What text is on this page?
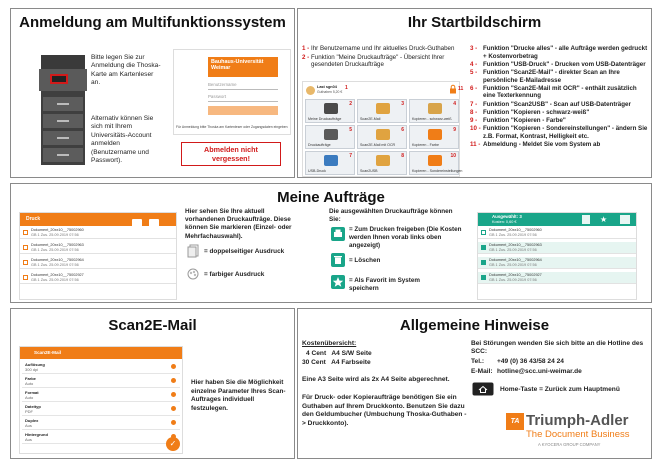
Anmeldung am Multifunktionssystem
Bitte legen Sie zur Anmeldung die Thoska-Karte am Kartenleser an.
Alternativ können Sie sich mit Ihrem Universitäts-Account anmelden (Benutzername und Passwort).
Bauhaus-Universität Weimar
Benutzername
Passwort
Für Anmeldung bitte Thoska am Kartenleser oder Zugangsdaten eingeben
Abmelden nicht vergessen!
Ihr Startbildschirm
1 - Ihr Benutzername und Ihr aktuelles Druck-Guthaben
2 - Funktion "Meine Druckaufträge" - Übersicht Ihrer gesendeten Druckaufträge
Last sgn04
Guthaben 5,20 €
1
Meine Druckaufträge
2
Scan2E-Mail
3
Kopieren - schwarz-weiß
4
Druckaufträge
5
Scan2E-Mail mit OCR
6
Kopieren - Farbe
9
USB-Druck
7
Scan2USB
8
Kopieren - Sondereinstellungen
10
11
3 - Funktion "Drucke alles" - alle Aufträge werden gedruckt + Kostenvorbetrag
4 - Funktion "USB-Druck" - Drucken vom USB-Datenträger
5 - Funktion "Scan2E-Mail" - direkter Scan an Ihre persönliche E-Mailadresse
6 - Funktion "Scan2E-Mail mit OCR" - enthält zusätzlich eine Texterkennung
7 - Funktion "Scan2USB" - Scan auf USB-Datenträger
8 - Funktion "Kopieren - schwarz-weiß"
9 - Funktion "Kopieren - Farbe"
10 - Funktion "Kopieren - Sondereinstellungen" - ändern Sie z.B. Format, Kontrast, Helligkeit etc.
11 - Abmeldung - Meldet Sie vom System ab
Meine Aufträge
Druck

Dokument_20xx10__75002960
GB 1 Zus. 25.09.2019 07:56
Dokument_20xx10__75002963
GB 1 Zus. 25.09.2019 07:56
Dokument_20xx10__75002964
GB 1 Zus. 25.09.2019 07:56
Dokument_20xx10__75002927
GB 1 Zus. 25.09.2019 07:56
Hier sehen Sie Ihre aktuell vorhandenen Druckaufträge. Diese können Sie markieren (Einzel- oder Mehrfachauswahl).
= doppelseitiger Ausdruck
= farbiger Ausdruck
Die ausgewählten Druckaufträge können Sie:
= Zum Drucken freigeben (Die Kosten werden Ihnen vorab links oben angezeigt)
= Löschen
= Als Favorit im System speichern
Ausgewählt: 3
Kosten: 0,60 €	★
Dokument_20xx10__75002960
GB 1 Zus. 25.09.2019 07:56
Dokument_20xx10__75002963
GB 1 Zus. 25.09.2019 07:56
Dokument_20xx10__75002964
GB 1 Zus. 25.09.2019 07:56
Dokument_20xx10__75002927
GB 1 Zus. 25.09.2019 07:56
Scan2E-Mail
Scan2E-Mail
Auflösung
300 dpi
Farbe
Auto
Format
Auto
Dateityp
PDF
Duplex
Aus
Hintergrund
Aus	✓
Hier haben Sie die Möglichkeit einzelne Parameter Ihres Scan-Auftrages individuell festzulegen.
Allgemeine Hinweise
Kostenübersicht:
4 Cent   A4 S/W Seite
30 Cent   A4 Farbseite
Eine A3 Seite wird als 2x A4 Seite abgerechnet.
Für Druck- oder Kopieraufträge benötigen Sie ein Guthaben auf Ihrem Druckkonto. Benutzen Sie dazu den Geldumbucher (Umbuchung Thoska-Guthaben -> Druckkonto).
Bei Störungen wenden Sie sich bitte an die Hotline des SCC:
Tel.: +49 (0) 36 43/58 24 24
E-Mail: hotline@scc.uni-weimar.de
Home-Taste = Zurück zum Hauptmenü
TA Triumph-Adler
The Document Business
A KYOCERA GROUP COMPANY
